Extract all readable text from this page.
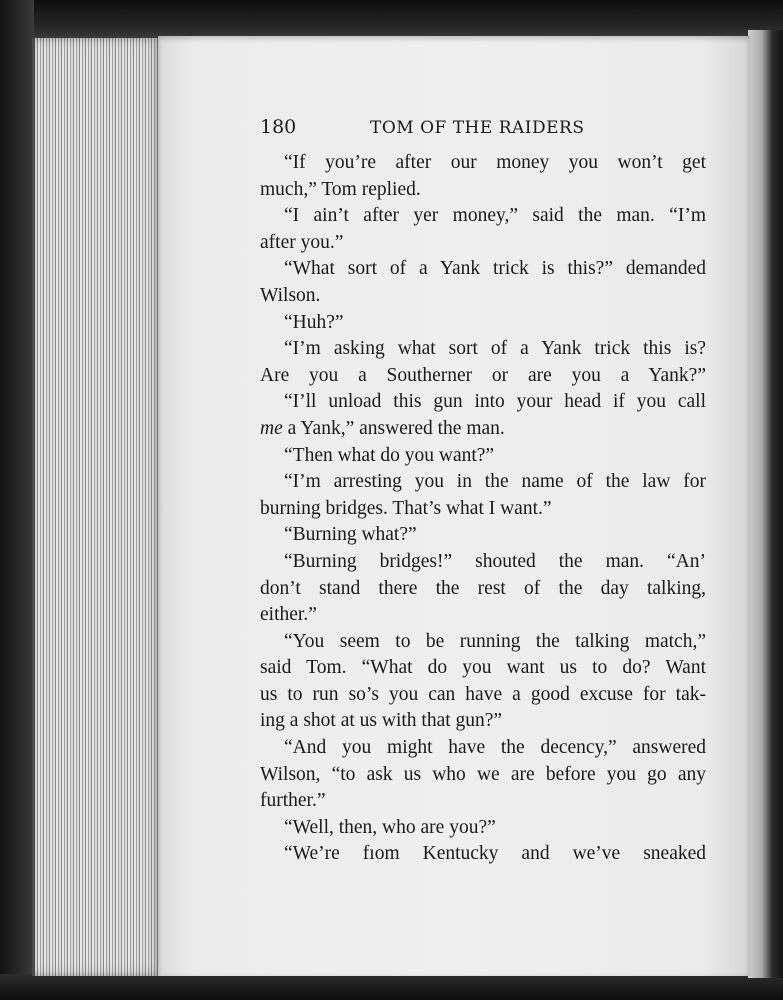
180	TOM OF THE RAIDERS
“If you’re after our money you won’t get
much,” Tom replied.
“I ain’t after yer money,” said the man. “I’m
after you.”
“What sort of a Yank trick is this?” demanded
Wilson.
“Huh?”
“I’m asking what sort of a Yank trick this is?
Are you a Southerner or are you a Yank?”
“I’ll unload this gun into your head if you call
me a Yank,” answered the man.
“Then what do you want?”
“I’m arresting you in the name of the law for
burning bridges. That’s what I want.”
“Burning what?”
“Burning bridges!” shouted the man. “An’
don’t stand there the rest of the day talking,
either.”
“You seem to be running the talking match,”
said Tom. “What do you want us to do? Want
us to run so’s you can have a good excuse for tak-
ing a shot at us with that gun?”
“And you might have the decency,” answered
Wilson, “to ask us who we are before you go any
further.”
“Well, then, who are you?”
“We’re fıom Kentucky and we’ve sneaked
